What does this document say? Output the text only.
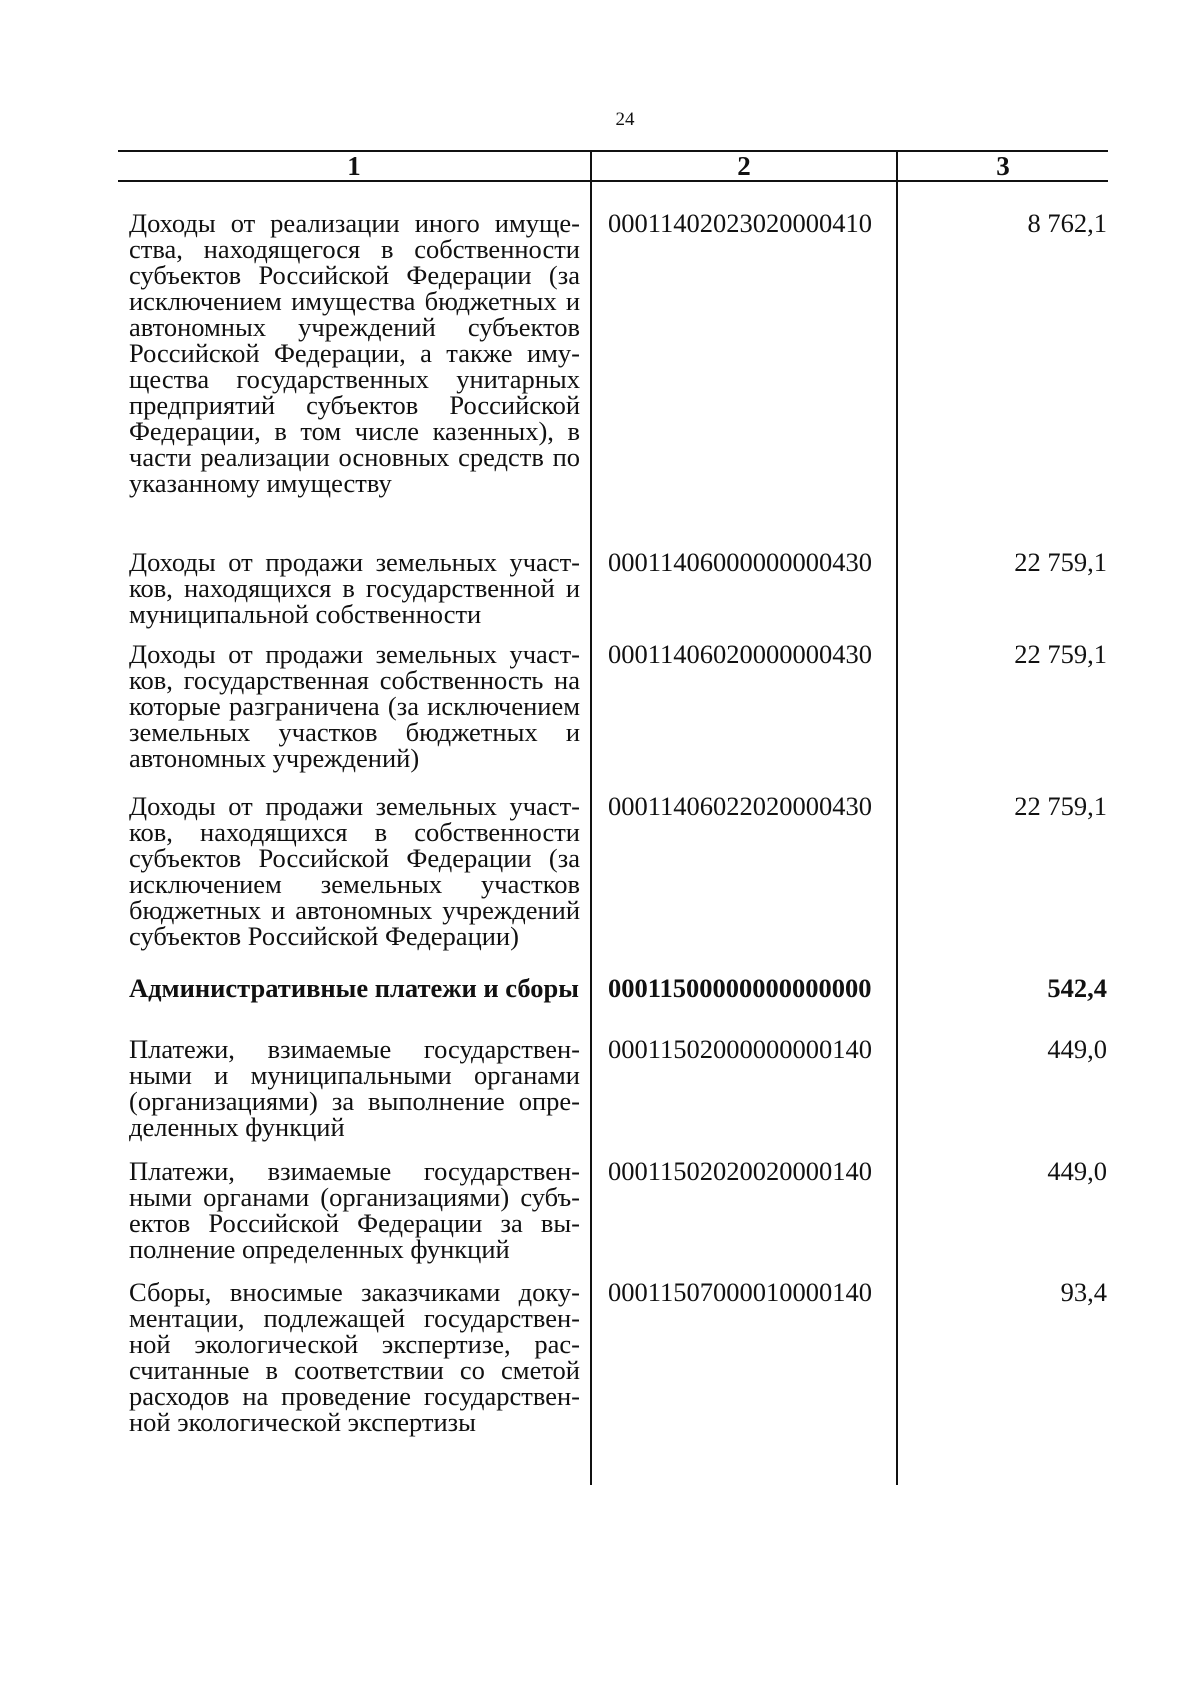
24
1	2	3
Доходы от реализации иного имущества, находящегося в собственности субъектов Российской Федерации (за исключением имущества бюджетных и автономных учреждений субъектов Российской Федерации, а также имущества государственных унитарных предприятий субъектов Российской Федерации, в том числе казенных), в части реализации основных средств по указанному имуществу	00011402023020000410	8 762,1
Доходы от продажи земельных участков, находящихся в государственной и муниципальной собственности	00011406000000000430	22 759,1
Доходы от продажи земельных участков, государственная собственность на которые разграничена (за исключением земельных участков бюджетных и автономных учреждений)	00011406020000000430	22 759,1
Доходы от продажи земельных участков, находящихся в собственности субъектов Российской Федерации (за исключением земельных участков бюджетных и автономных учреждений субъектов Российской Федерации)	00011406022020000430	22 759,1
Административные платежи и сборы	00011500000000000000	542,4
Платежи, взимаемые государственными и муниципальными органами (организациями) за выполнение определенных функций	00011502000000000140	449,0
Платежи, взимаемые государственными органами (организациями) субъектов Российской Федерации за выполнение определенных функций	00011502020020000140	449,0
Сборы, вносимые заказчиками документации, подлежащей государственной экологической экспертизе, рассчитанные в соответствии со сметой расходов на проведение государственной экологической экспертизы	00011507000010000140	93,4
